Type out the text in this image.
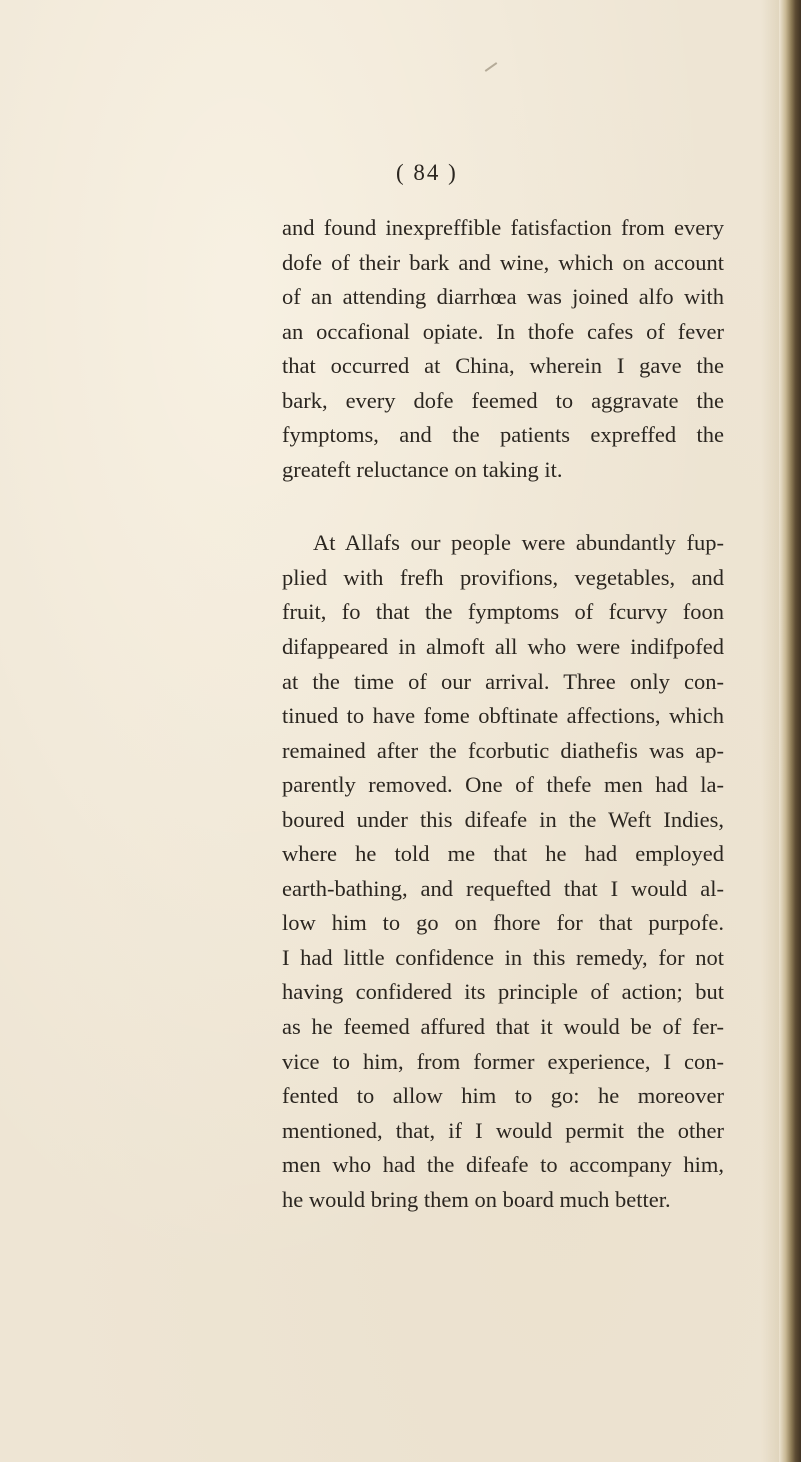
( 84 )
and found inexpreffible fatisfaction from every
dofe of their bark and wine, which on account
of an attending diarrhœa was joined alfo with
an occafional opiate. In thofe cafes of fever
that occurred at China, wherein I gave the
bark, every dofe feemed to aggravate the
fymptoms, and the patients expreffed the
greateft reluctance on taking it.
At Allafs our people were abundantly fup-
plied with frefh provifions, vegetables, and
fruit, fo that the fymptoms of fcurvy foon
difappeared in almoft all who were indifpofed
at the time of our arrival. Three only con-
tinued to have fome obftinate affections, which
remained after the fcorbutic diathefis was ap-
parently removed. One of thefe men had la-
boured under this difeafe in the Weft Indies,
where he told me that he had employed
earth-bathing, and requefted that I would al-
low him to go on fhore for that purpofe.
I had little confidence in this remedy, for not
having confidered its principle of action; but
as he feemed affured that it would be of fer-
vice to him, from former experience, I con-
fented to allow him to go: he moreover
mentioned, that, if I would permit the other
men who had the difeafe to accompany him,
he would bring them on board much better.
